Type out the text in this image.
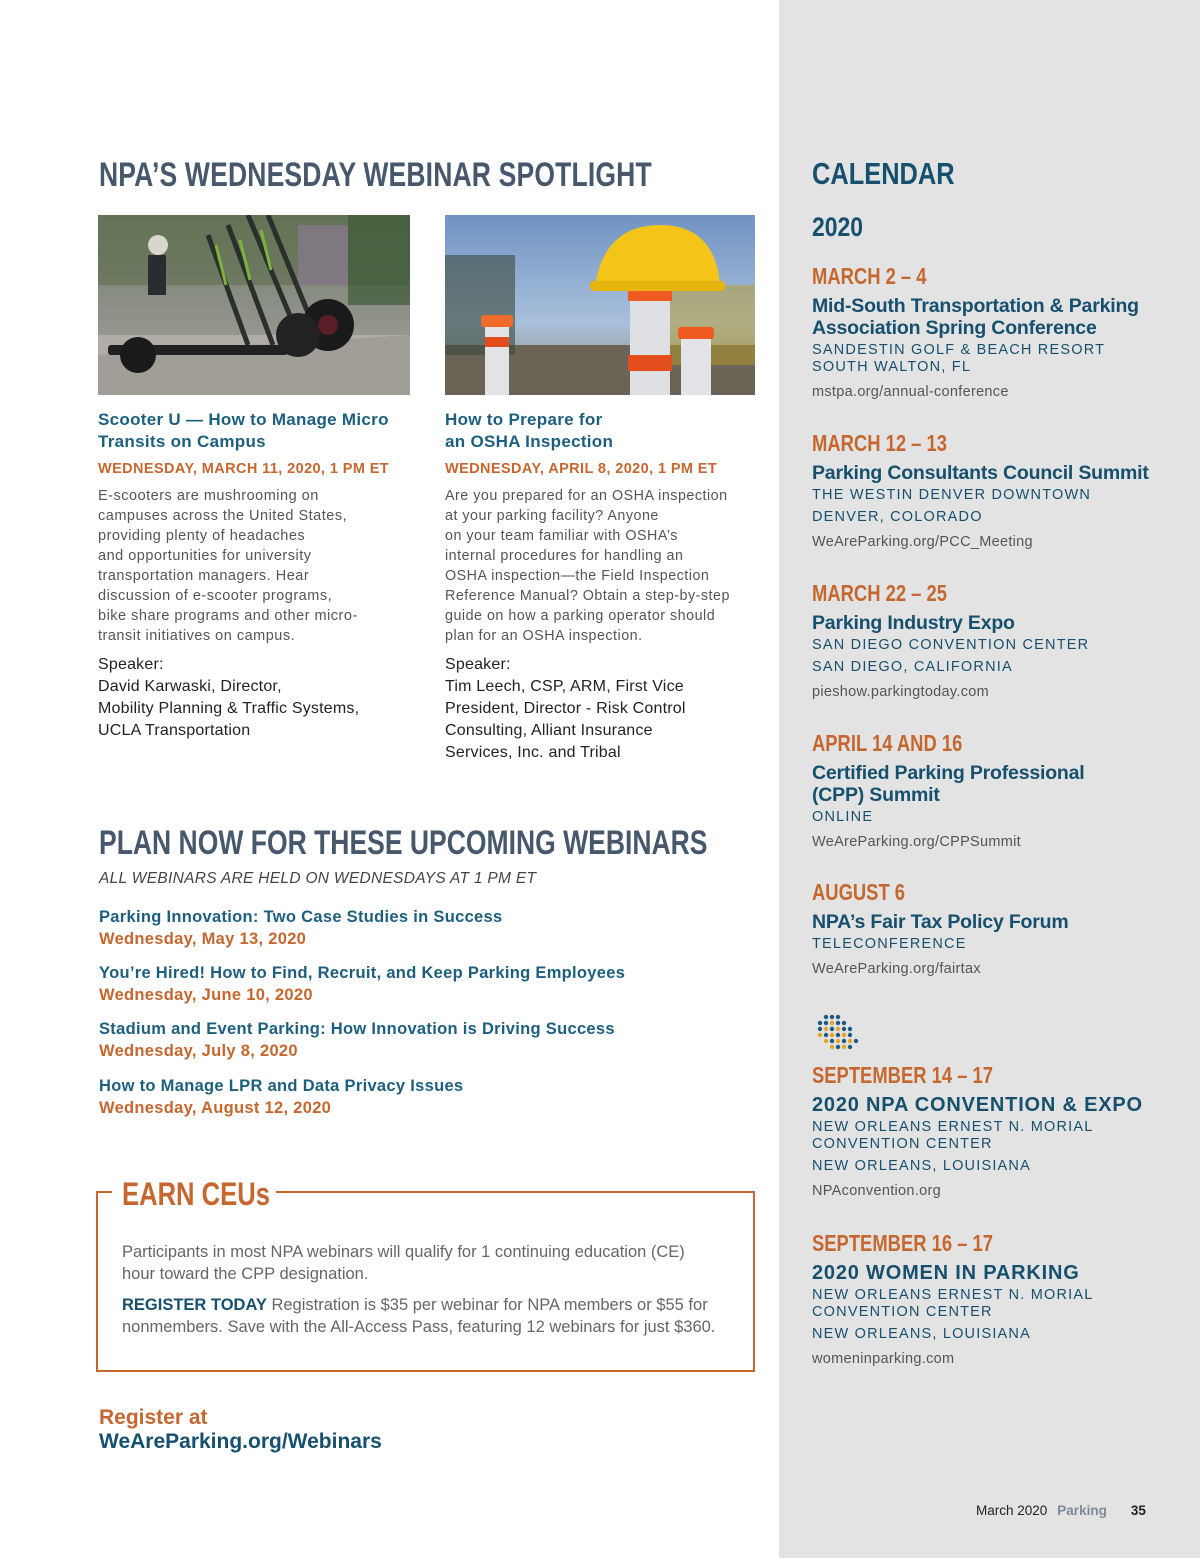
NPA’S WEDNESDAY WEBINAR SPOTLIGHT
Scooter U — How to Manage Micro
Transits on Campus
WEDNESDAY, MARCH 11, 2020, 1 PM ET
E-scooters are mushrooming on
campuses across the United States,
providing plenty of headaches
and opportunities for university
transportation managers. Hear
discussion of e-scooter programs,
bike share programs and other micro-
transit initiatives on campus.
Speaker:
David Karwaski, Director,
Mobility Planning & Traffic Systems,
UCLA Transportation
How to Prepare for
an OSHA Inspection
WEDNESDAY, APRIL 8, 2020, 1 PM ET
Are you prepared for an OSHA inspection
at your parking facility? Anyone
on your team familiar with OSHA’s
internal procedures for handling an
OSHA inspection—the Field Inspection
Reference Manual? Obtain a step-by-step
guide on how a parking operator should
plan for an OSHA inspection.
Speaker:
Tim Leech, CSP, ARM, First Vice
President, Director - Risk Control
Consulting, Alliant Insurance
Services, Inc. and Tribal
PLAN NOW FOR THESE UPCOMING WEBINARS
ALL WEBINARS ARE HELD ON WEDNESDAYS AT 1 PM ET
Parking Innovation: Two Case Studies in Success
Wednesday, May 13, 2020
You’re Hired! How to Find, Recruit, and Keep Parking Employees
Wednesday, June 10, 2020
Stadium and Event Parking: How Innovation is Driving Success
Wednesday, July 8, 2020
How to Manage LPR and Data Privacy Issues
Wednesday, August 12, 2020
EARN CEUs
Participants in most NPA webinars will qualify for 1 continuing education (CE)
hour toward the CPP designation.
REGISTER TODAY Registration is $35 per webinar for NPA members or $55 for
nonmembers. Save with the All-Access Pass, featuring 12 webinars for just $360.
Register at
WeAreParking.org/Webinars
CALENDAR
2020
MARCH 2 – 4
Mid-South Transportation & Parking
Association Spring Conference
SANDESTIN GOLF & BEACH RESORT
SOUTH WALTON, FL
mstpa.org/annual-conference
MARCH 12 – 13
Parking Consultants Council Summit
THE WESTIN DENVER DOWNTOWN
DENVER, COLORADO
WeAreParking.org/PCC_Meeting
MARCH 22 – 25
Parking Industry Expo
SAN DIEGO CONVENTION CENTER
SAN DIEGO, CALIFORNIA
pieshow.parkingtoday.com
APRIL 14 AND 16
Certified Parking Professional
(CPP) Summit
ONLINE
WeAreParking.org/CPPSummit
AUGUST 6
NPA’s Fair Tax Policy Forum
TELECONFERENCE
WeAreParking.org/fairtax
SEPTEMBER 14 – 17
2020 NPA CONVENTION & EXPO
NEW ORLEANS ERNEST N. MORIAL
CONVENTION CENTER
NEW ORLEANS, LOUISIANA
NPAconvention.org
SEPTEMBER 16 – 17
2020 WOMEN IN PARKING
NEW ORLEANS ERNEST N. MORIAL
CONVENTION CENTER
NEW ORLEANS, LOUISIANA
womeninparking.com
March 2020 Parking 35
